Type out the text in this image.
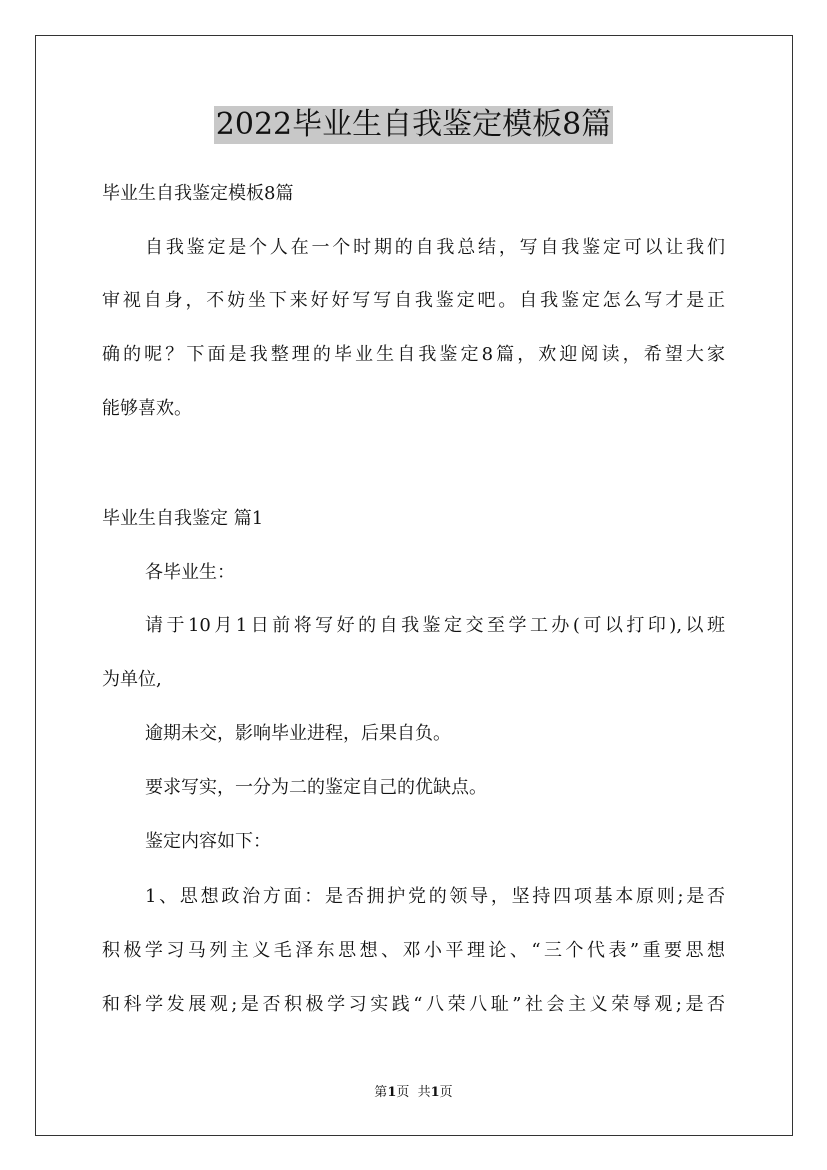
2022毕业生自我鉴定模板8篇

毕业生自我鉴定模板8篇

自我鉴定是个人在一个时期的自我总结，写自我鉴定可以让我们

审视自身，不妨坐下来好好写写自我鉴定吧。自我鉴定怎么写才是正

确的呢？下面是我整理的毕业生自我鉴定8篇，欢迎阅读，希望大家

能够喜欢。

毕业生自我鉴定 篇1

各毕业生：

请于10月1日前将写好的自我鉴定交至学工办(可以打印),以班

为单位,

逾期未交，影响毕业进程，后果自负。

要求写实，一分为二的鉴定自己的优缺点。

鉴定内容如下：

1、思想政治方面：是否拥护党的领导，坚持四项基本原则;是否

积极学习马列主义毛泽东思想、邓小平理论、“三个代表”重要思想

和科学发展观;是否积极学习实践“八荣八耻”社会主义荣辱观;是否

第1页  共1页
